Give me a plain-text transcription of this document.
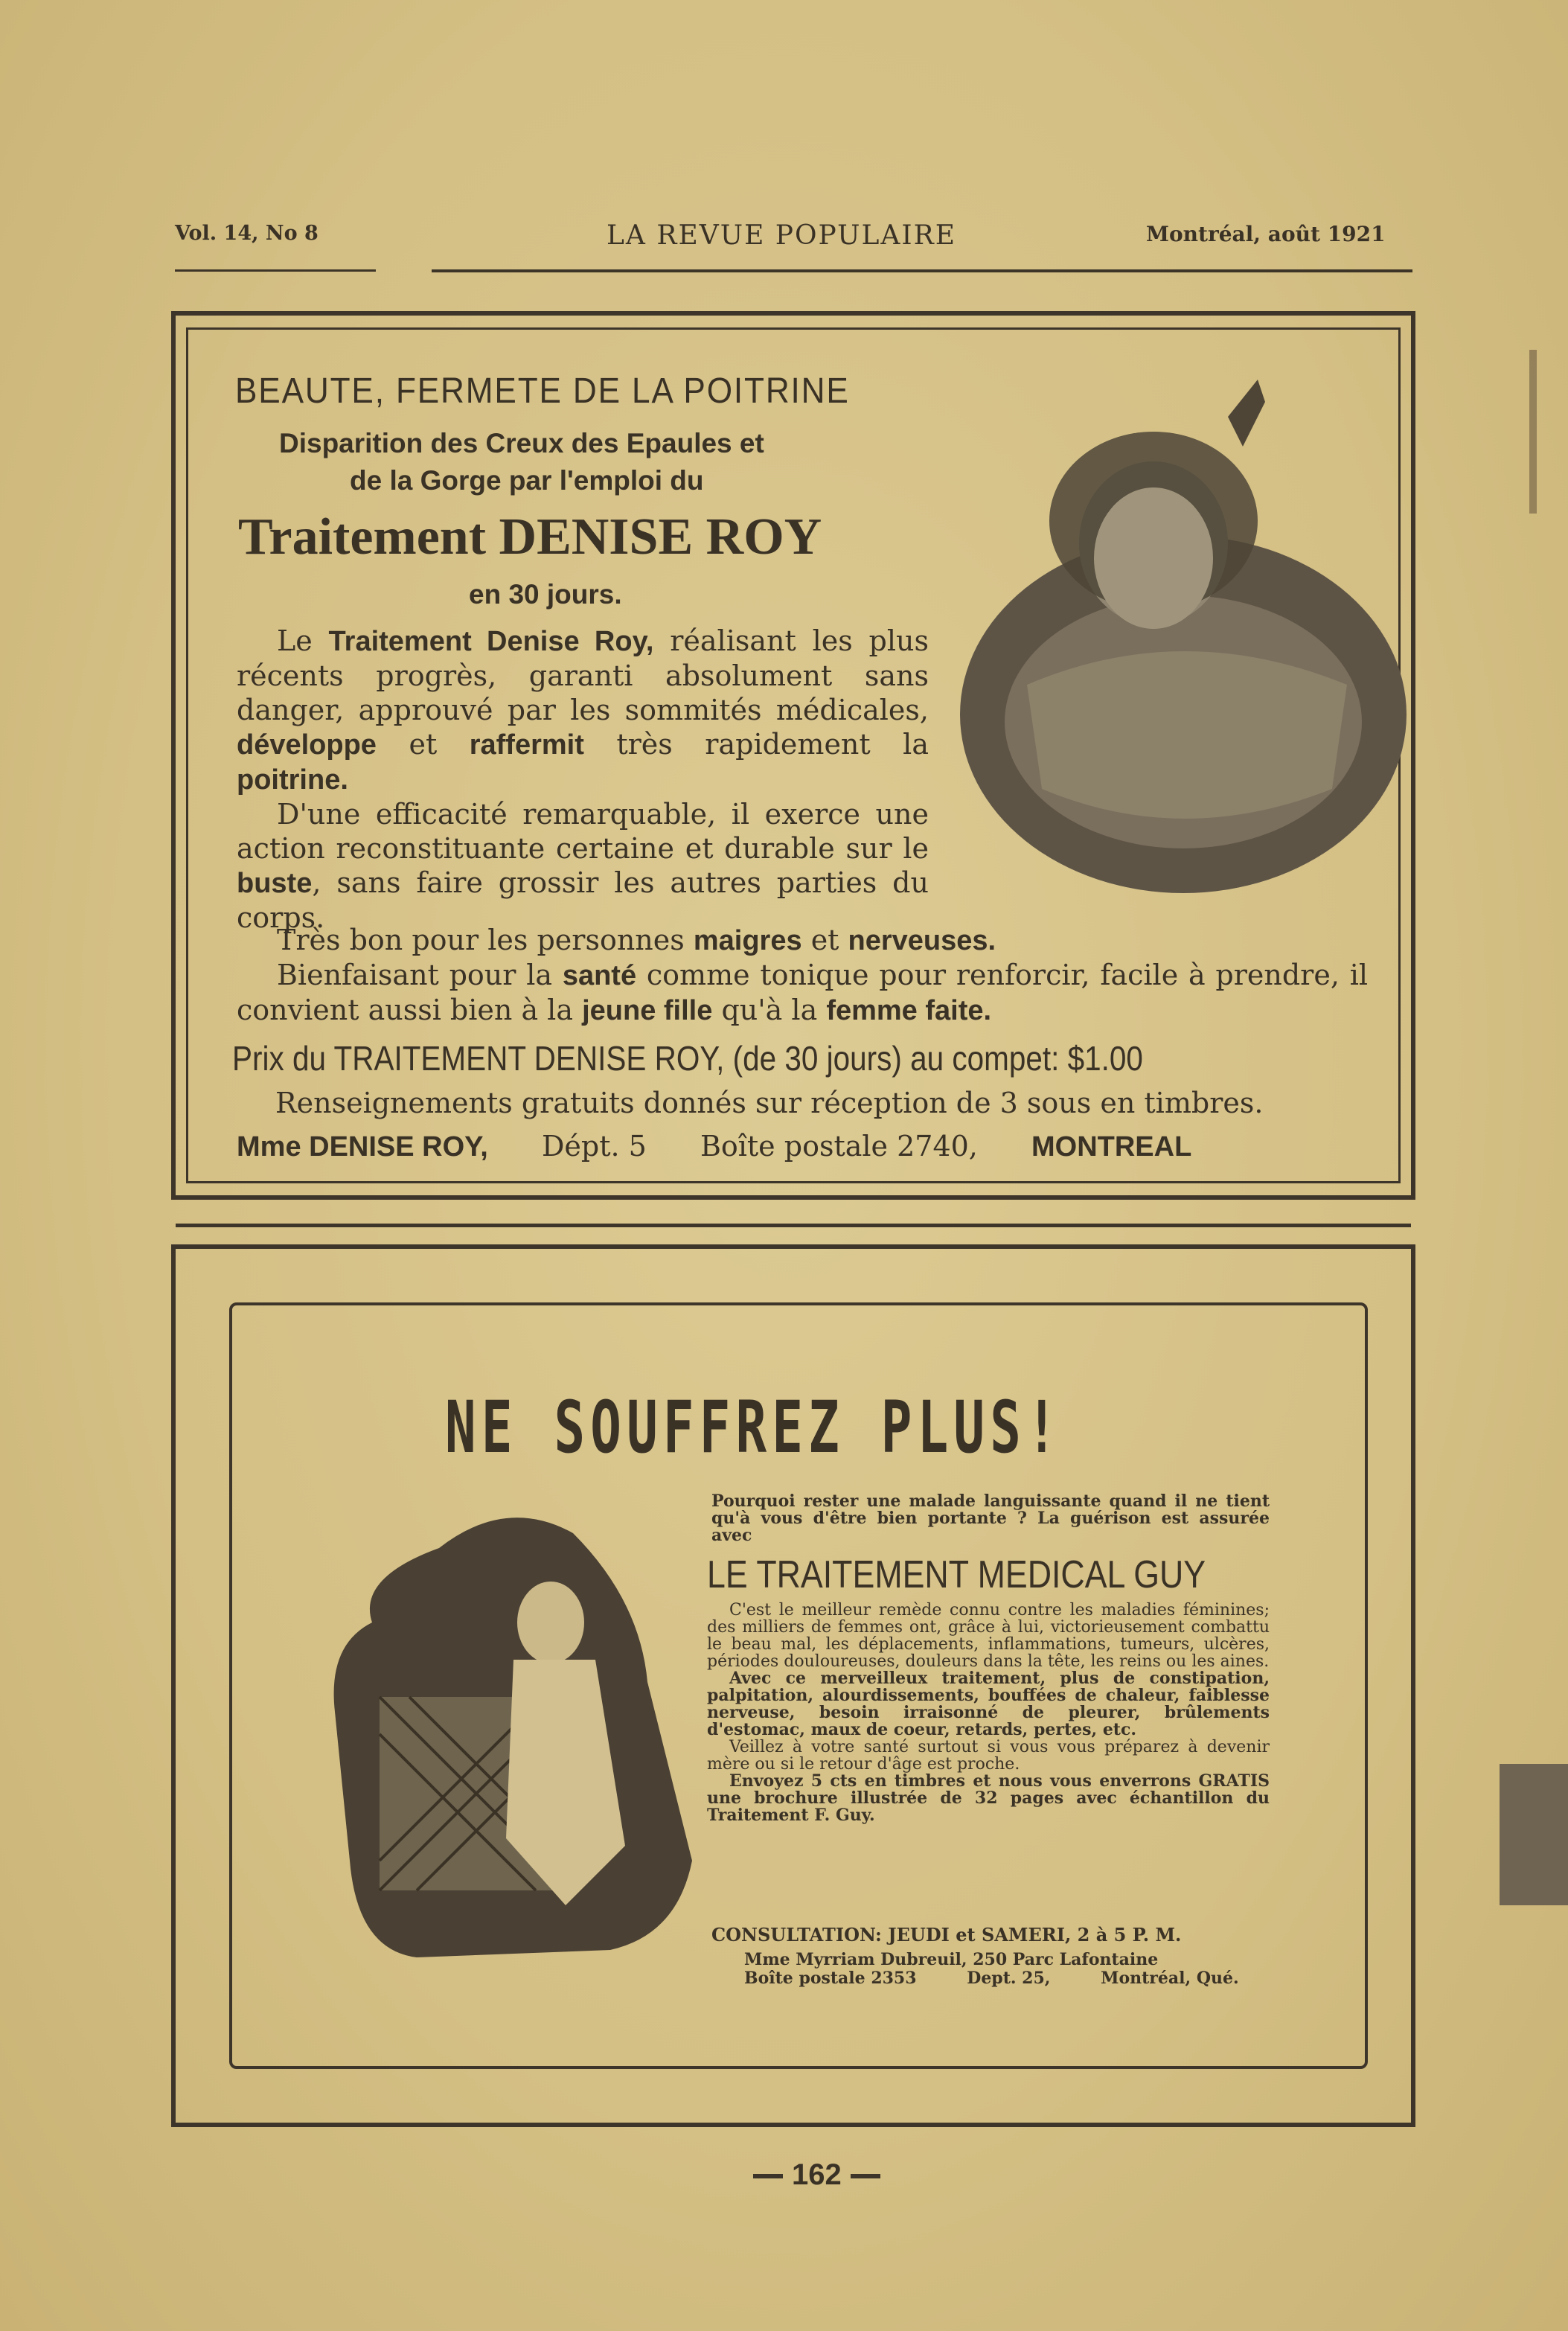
Vol. 14, No 8	LA REVUE POPULAIRE	Montréal, août 1921
BEAUTE, FERMETE DE LA POITRINE
Disparition des Creux des Epaules et
de la Gorge par l'emploi du
Traitement DENISE ROY
en 30 jours.
Le Traitement Denise Roy, réalisant les plus récents progrès, garanti absolument sans danger, approuvé par les sommités médicales, développe et raffermit très rapidement la poitrine.
D'une efficacité remarquable, il exerce une action reconstituante certaine et durable sur le buste, sans faire grossir les autres parties du corps.
Très bon pour les personnes maigres et nerveuses.
Bienfaisant pour la santé comme tonique pour renforcir, facile à prendre, il convient aussi bien à la jeune fille qu'à la femme faite.
Prix du TRAITEMENT DENISE ROY, (de 30 jours) au compet: $1.00
Renseignements gratuits donnés sur réception de 3 sous en timbres.
Mme DENISE ROY, Dépt. 5 Boîte postale 2740, MONTREAL
NE SOUFFREZ PLUS!
Pourquoi rester une malade languissante quand il ne tient qu'à vous d'être bien portante ? La guérison est assurée avec
LE TRAITEMENT MEDICAL GUY

C'est le meilleur remède connu contre les maladies féminines; des milliers de femmes ont, grâce à lui, victorieusement combattu le beau mal, les déplacements, inflammations, tumeurs, ulcères, périodes douloureuses, douleurs dans la tête, les reins ou les aines.

Avec ce merveilleux traitement, plus de constipation, palpitation, alourdissements, bouffées de chaleur, faiblesse nerveuse, besoin irraisonné de pleurer, brûlements d'estomac, maux de coeur, retards, pertes, etc.

Veillez à votre santé surtout si vous vous préparez à devenir mère ou si le retour d'âge est proche.

Envoyez 5 cts en timbres et nous vous enverrons GRATIS une brochure illustrée de 32 pages avec échantillon du Traitement F. Guy.

CONSULTATION: JEUDI et SAMERI, 2 à 5 P. M.
Mme Myrriam Dubreuil, 250 Parc Lafontaine
Boîte postale 2353	Dept. 25,	Montréal, Qué.
162
